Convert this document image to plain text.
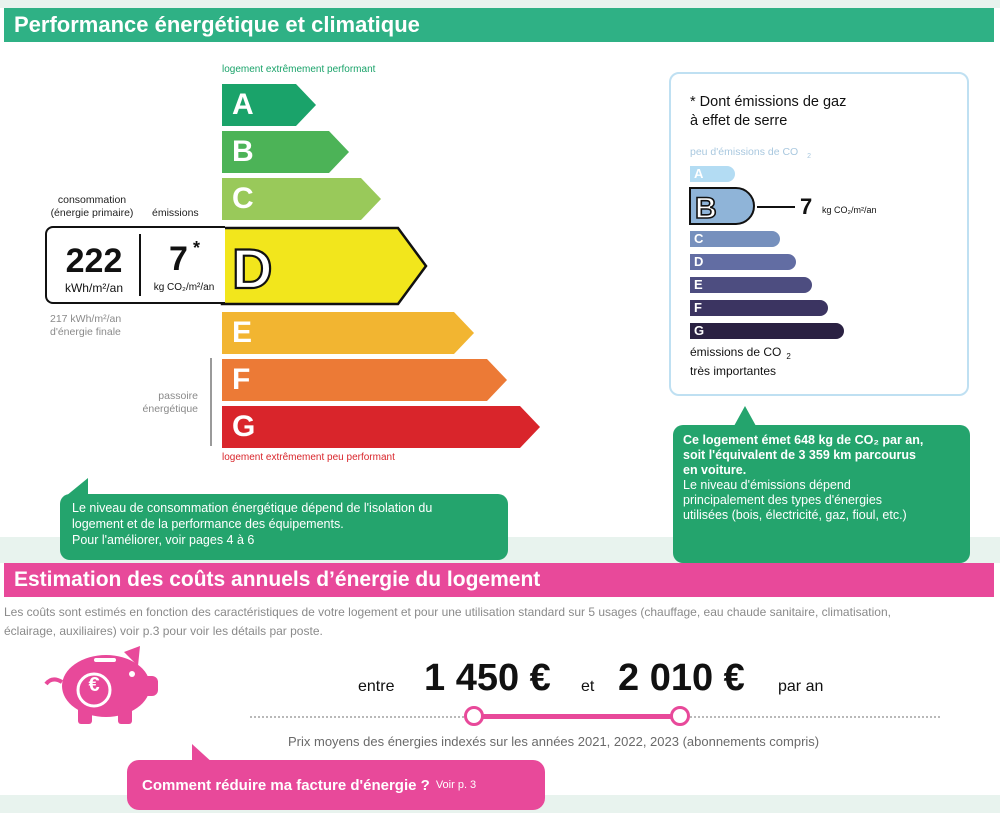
Performance énergétique et climatique
logement extrêmement performant
A
B
C
D
E
F
G
logement extrêmement peu performant
passoire
énergétique
consommation
(énergie primaire)	émissions
222
kWh/m²/an
7 *
kg CO₂/m²/an
217 kWh/m²/an
d'énergie finale
Le niveau de consommation énergétique dépend de l'isolation du
logement et de la performance des équipements.
Pour l'améliorer, voir pages 4 à 6
* Dont émissions de gaz
à effet de serre
peu d'émissions de CO $_2$
A
B	7 kg CO₂/m²/an
C
D
E
F
G
émissions de CO $_2$
très importantes
Ce logement émet 648 kg de CO₂ par an,
soit l'équivalent de 3 359 km parcourus
en voiture.
Le niveau d'émissions dépend
principalement des types d'énergies
utilisées (bois, électricité, gaz, fioul, etc.)
Estimation des coûts annuels d’énergie du logement
Les coûts sont estimés en fonction des caractéristiques de votre logement et pour une utilisation standard sur 5 usages (chauffage, eau chaude sanitaire, climatisation,
éclairage, auxiliaires) voir p.3 pour voir les détails par poste.
€	entre 1 450 € et 2 010 € par an
Prix moyens des énergies indexés sur les années 2021, 2022, 2023 (abonnements compris)
Comment réduire ma facture d'énergie ? Voir p. 3
